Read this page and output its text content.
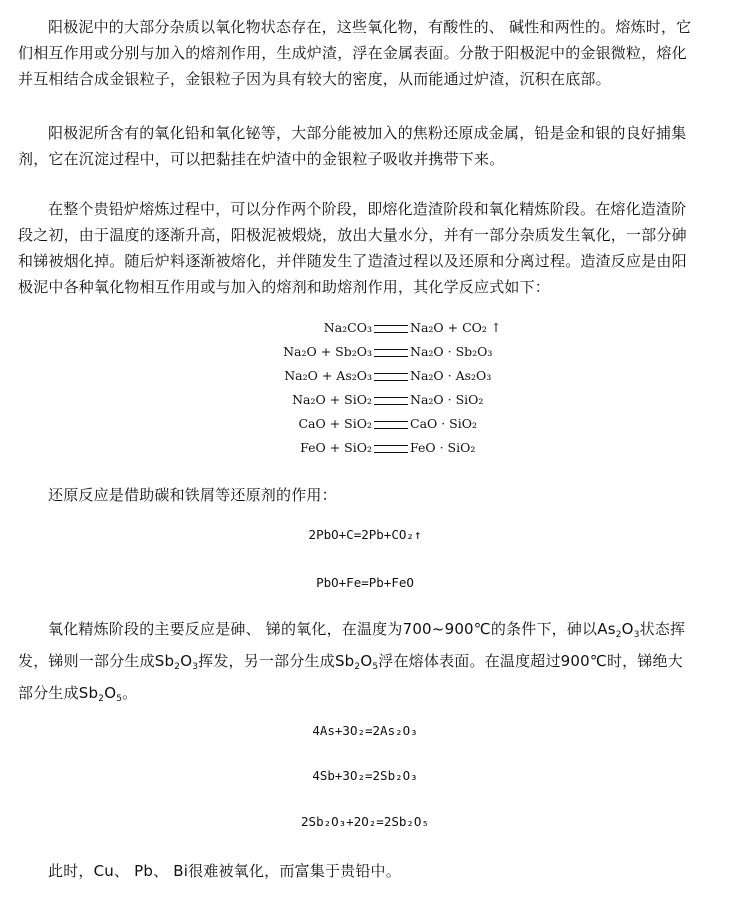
阳极泥中的大部分杂质以氧化物状态存在，这些氧化物，有酸性的、 碱性和两性的。熔炼时，它们相互作用或分别与加入的熔剂作用，生成炉渣，浮在金属表面。分散于阳极泥中的金银微粒，熔化并互相结合成金银粒子，金银粒子因为具有较大的密度，从而能通过炉渣，沉积在底部。

阳极泥所含有的氧化铅和氧化铋等，大部分能被加入的焦粉还原成金属，铅是金和银的良好捕集剂，它在沉淀过程中，可以把黏挂在炉渣中的金银粒子吸收并携带下来。

在整个贵铅炉熔炼过程中，可以分作两个阶段，即熔化造渣阶段和氧化精炼阶段。在熔化造渣阶段之初，由于温度的逐渐升高，阳极泥被煅烧，放出大量水分，并有一部分杂质发生氧化，一部分砷和锑被烟化掉。随后炉料逐渐被熔化，并伴随发生了造渣过程以及还原和分离过程。造渣反应是由阳极泥中各种氧化物相互作用或与加入的熔剂和助熔剂作用，其化学反应式如下：

Na₂CO₃	Na₂O + CO₂ ↑
Na₂O + Sb₂O₃	Na₂O · Sb₂O₃
Na₂O + As₂O₃	Na₂O · As₂O₃
Na₂O + SiO₂	Na₂O · SiO₂
CaO + SiO₂	CaO · SiO₂
FeO + SiO₂	FeO · SiO₂

还原反应是借助碳和铁屑等还原剂的作用：

2PbO+C=2Pb+CO₂↑
PbO+Fe=Pb+FeO

氧化精炼阶段的主要反应是砷、 锑的氧化，在温度为700~900℃的条件下，砷以$As_2O_3$状态挥发，锑则一部分生成$Sb_2O_3$挥发，另一部分生成$Sb_2O_5$浮在熔体表面。在温度超过900℃时，锑绝大部分生成$Sb_2O_5$。

4As+3O₂=2As₂O₃
4Sb+3O₂=2Sb₂O₃
2Sb₂O₃+2O₂=2Sb₂O₅

此时，Cu、 Pb、 Bi很难被氧化，而富集于贵铅中。
